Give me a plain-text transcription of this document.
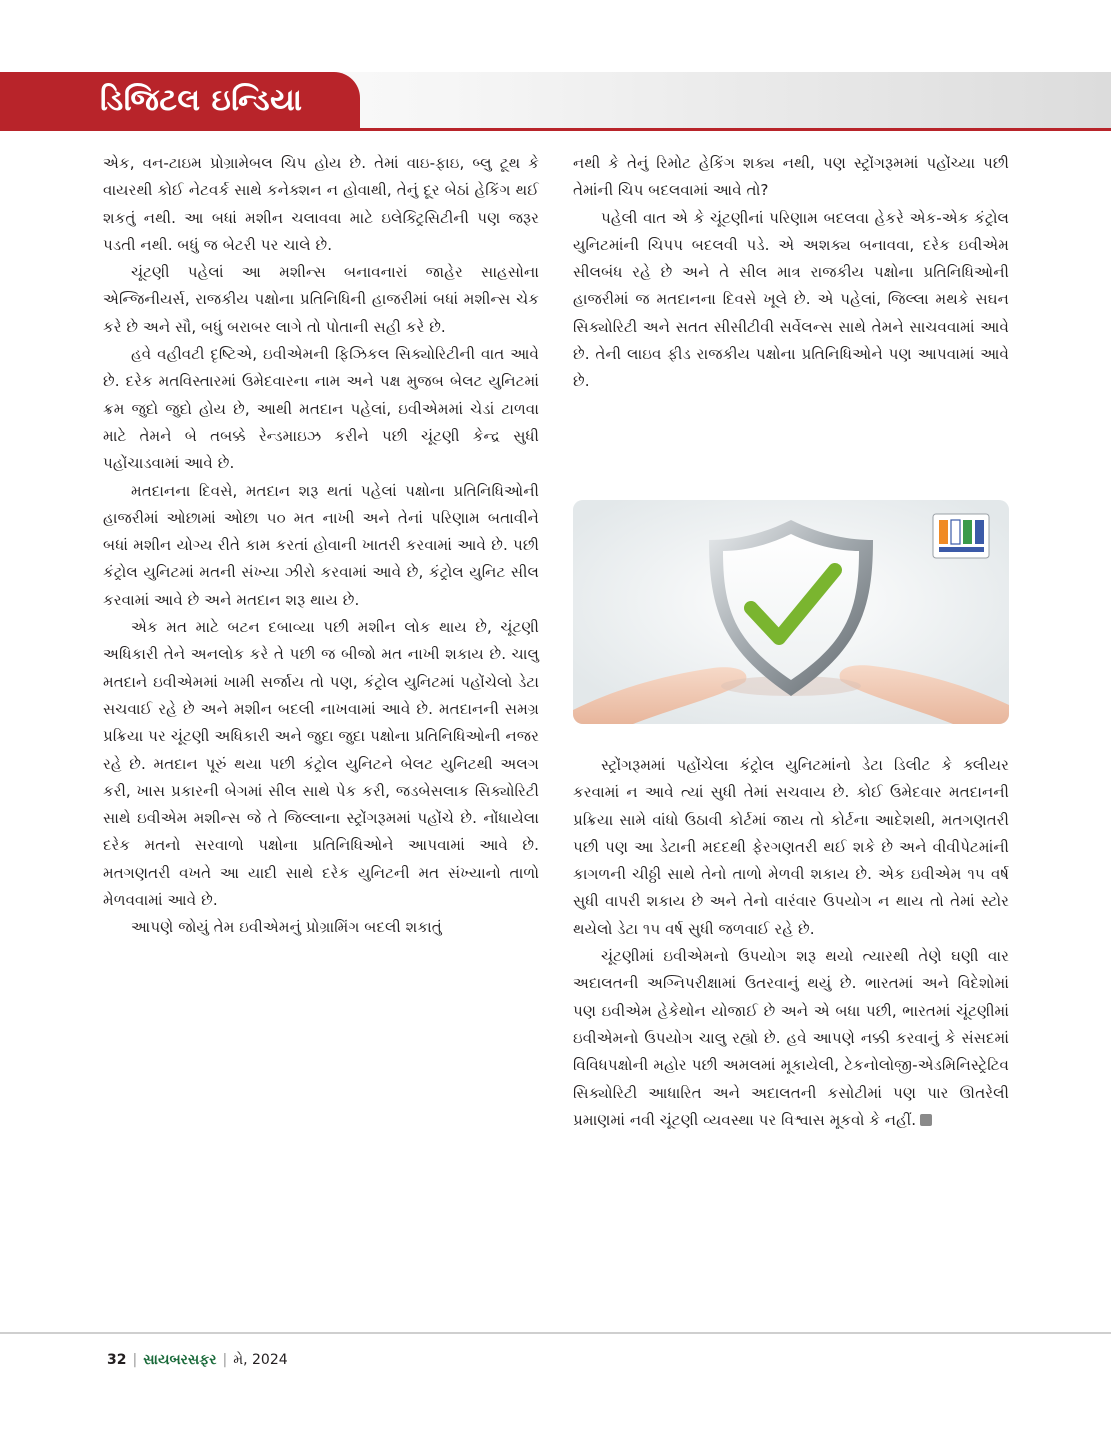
ડિજિટલ ઇન્ડિયા

એક, વન-ટાઇમ પ્રોગ્રામેબલ ચિપ હોય છે. તેમાં વાઇ-ફાઇ, બ્લુ ટૂથ કે વાયરથી કોઈ નેટવર્ક સાથે કનેક્શન ન હોવાથી, તેનું દૂર બેઠાં હેકિંગ થઈ શકતું નથી. આ બધાં મશીન ચલાવવા માટે ઇલેક્ટ્રિસિટીની પણ જરૂર પડતી નથી. બધું જ બેટરી પર ચાલે છે.

ચૂંટણી પહેલાં આ મશીન્સ બનાવનારાં જાહેર સાહસોના એન્જિનીયર્સ, રાજકીય પક્ષોના પ્રતિનિધિની હાજરીમાં બધાં મશીન્સ ચેક કરે છે અને સૌ, બધું બરાબર લાગે તો પોતાની સહી કરે છે.

હવે વહીવટી દૃષ્ટિએ, ઇવીએમની ફિઝિકલ સિક્યોરિટીની વાત આવે છે. દરેક મતવિસ્તારમાં ઉમેદવારના નામ અને પક્ષ મુજબ બેલટ યુનિટમાં ક્રમ જુદો જુદો હોય છે, આથી મતદાન પહેલાં, ઇવીએમમાં ચેડાં ટાળવા માટે તેમને બે તબક્કે રેન્ડમાઇઝ કરીને પછી ચૂંટણી કેન્દ્ર સુધી પહોંચાડવામાં આવે છે.

મતદાનના દિવસે, મતદાન શરૂ થતાં પહેલાં પક્ષોના પ્રતિનિધિઓની હાજરીમાં ઓછામાં ઓછા ૫૦ મત નાખી અને તેનાં પરિણામ બતાવીને બધાં મશીન યોગ્ય રીતે કામ કરતાં હોવાની ખાતરી કરવામાં આવે છે. પછી કંટ્રોલ યુનિટમાં મતની સંખ્યા ઝીરો કરવામાં આવે છે, કંટ્રોલ યુનિટ સીલ કરવામાં આવે છે અને મતદાન શરૂ થાય છે.

એક મત માટે બટન દબાવ્યા પછી મશીન લોક થાય છે, ચૂંટણી અધિકારી તેને અનલોક કરે તે પછી જ બીજો મત નાખી શકાય છે. ચાલુ મતદાને ઇવીએમમાં ખામી સર્જાય તો પણ, કંટ્રોલ યુનિટમાં પહોંચેલો ડેટા સચવાઈ રહે છે અને મશીન બદલી નાખવામાં આવે છે. મતદાનની સમગ્ર પ્રક્રિયા પર ચૂંટણી અધિકારી અને જુદા જુદા પક્ષોના પ્રતિનિધિઓની નજર રહે છે. મતદાન પૂરું થયા પછી કંટ્રોલ યુનિટને બેલટ યુનિટથી અલગ કરી, ખાસ પ્રકારની બેગમાં સીલ સાથે પેક કરી, જડબેસલાક સિક્યોરિટી સાથે ઇવીએમ મશીન્સ જે તે જિલ્લાના સ્ટ્રોંગરૂમમાં પહોંચે છે. નોંધાયેલા દરેક મતનો સરવાળો પક્ષોના પ્રતિનિધિઓને આપવામાં આવે છે. મતગણતરી વખતે આ યાદી સાથે દરેક યુનિટની મત સંખ્યાનો તાળો મેળવવામાં આવે છે.

આપણે જોયું તેમ ઇવીએમનું પ્રોગ્રામિંગ બદલી શકાતું

નથી કે તેનું રિમોટ હેકિંગ શક્ય નથી, પણ સ્ટ્રોંગરૂમમાં પહોંચ્યા પછી તેમાંની ચિપ બદલવામાં આવે તો?

પહેલી વાત એ કે ચૂંટણીનાં પરિણામ બદલવા હેકરે એક-એક કંટ્રોલ યુનિટમાંની ચિપપ બદલવી પડે. એ અશક્ય બનાવવા, દરેક ઇવીએમ સીલબંધ રહે છે અને તે સીલ માત્ર રાજકીય પક્ષોના પ્રતિનિધિઓની હાજરીમાં જ મતદાનના દિવસે ખૂલે છે. એ પહેલાં, જિલ્લા મથકે સઘન સિક્યોરિટી અને સતત સીસીટીવી સર્વેલન્સ સાથે તેમને સાચવવામાં આવે છે. તેની લાઇવ ફીડ રાજકીય પક્ષોના પ્રતિનિધિઓને પણ આપવામાં આવે છે.

સ્ટ્રોંગરૂમમાં પહોંચેલા કંટ્રોલ યુનિટમાંનો ડેટા ડિલીટ કે ક્લીયર કરવામાં ન આવે ત્યાં સુધી તેમાં સચવાય છે. કોઈ ઉમેદવાર મતદાનની પ્રક્રિયા સામે વાંધો ઉઠાવી કોર્ટમાં જાય તો કોર્ટના આદેશથી, મતગણતરી પછી પણ આ ડેટાની મદદથી ફેરગણતરી થઈ શકે છે અને વીવીપેટમાંની કાગળની ચીઠ્ઠી સાથે તેનો તાળો મેળવી શકાય છે. એક ઇવીએમ ૧૫ વર્ષ સુધી વાપરી શકાય છે અને તેનો વારંવાર ઉપયોગ ન થાય તો તેમાં સ્ટોર થયેલો ડેટા ૧૫ વર્ષ સુધી જળવાઈ રહે છે.

ચૂંટણીમાં ઇવીએમનો ઉપયોગ શરૂ થયો ત્યારથી તેણે ઘણી વાર અદાલતની અગ્નિપરીક્ષામાં ઉતરવાનું થયું છે. ભારતમાં અને વિદેશોમાં પણ ઇવીએમ હેકેથોન યોજાઈ છે અને એ બધા પછી, ભારતમાં ચૂંટણીમાં ઇવીએમનો ઉપયોગ ચાલુ રહ્યો છે. હવે આપણે નક્કી કરવાનું કે સંસદમાં વિવિધપક્ષોની મહોર પછી અમલમાં મૂકાયેલી, ટેકનોલોજી-એડમિનિસ્ટ્રેટિવ સિક્યોરિટી આધારિત અને અદાલતની કસોટીમાં પણ પાર ઊતરેલી પ્રમાણમાં નવી ચૂંટણી વ્યવસ્થા પર વિશ્વાસ મૂકવો કે નહીં.

32 | સાયબરસફર | મે, 2024
